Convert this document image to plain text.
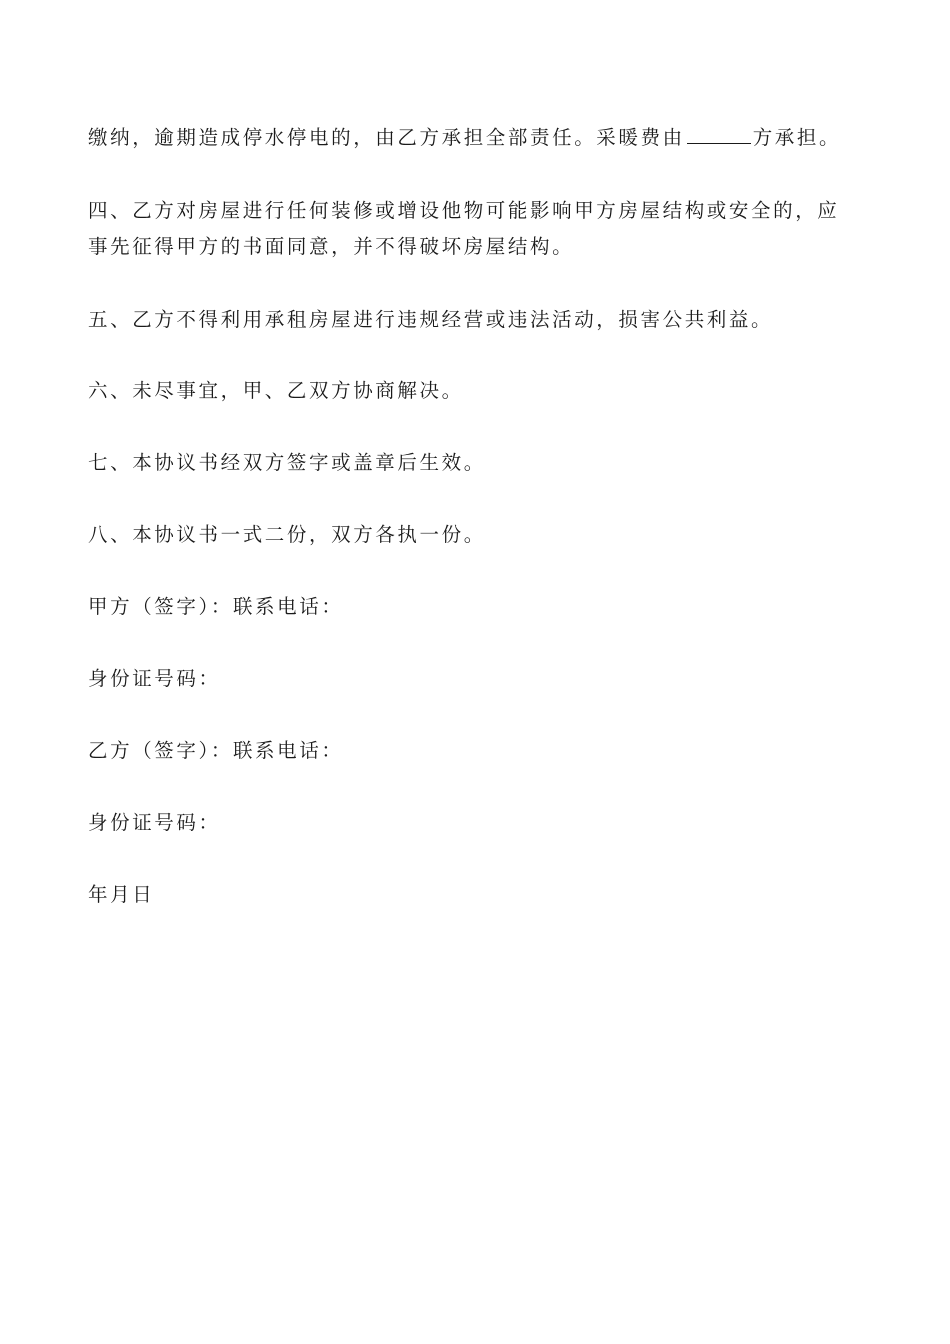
缴纳，逾期造成停水停电的，由乙方承担全部责任。采暖费由	方承担。
四、乙方对房屋进行任何装修或增设他物可能影响甲方房屋结构或安全的，应
事先征得甲方的书面同意，并不得破坏房屋结构。
五、乙方不得利用承租房屋进行违规经营或违法活动，损害公共利益。
六、未尽事宜，甲、乙双方协商解决。
七、本协议书经双方签字或盖章后生效。
八、本协议书一式二份，双方各执一份。
甲方（签字）：联系电话：
身份证号码：
乙方（签字）：联系电话：
身份证号码：
年月日
